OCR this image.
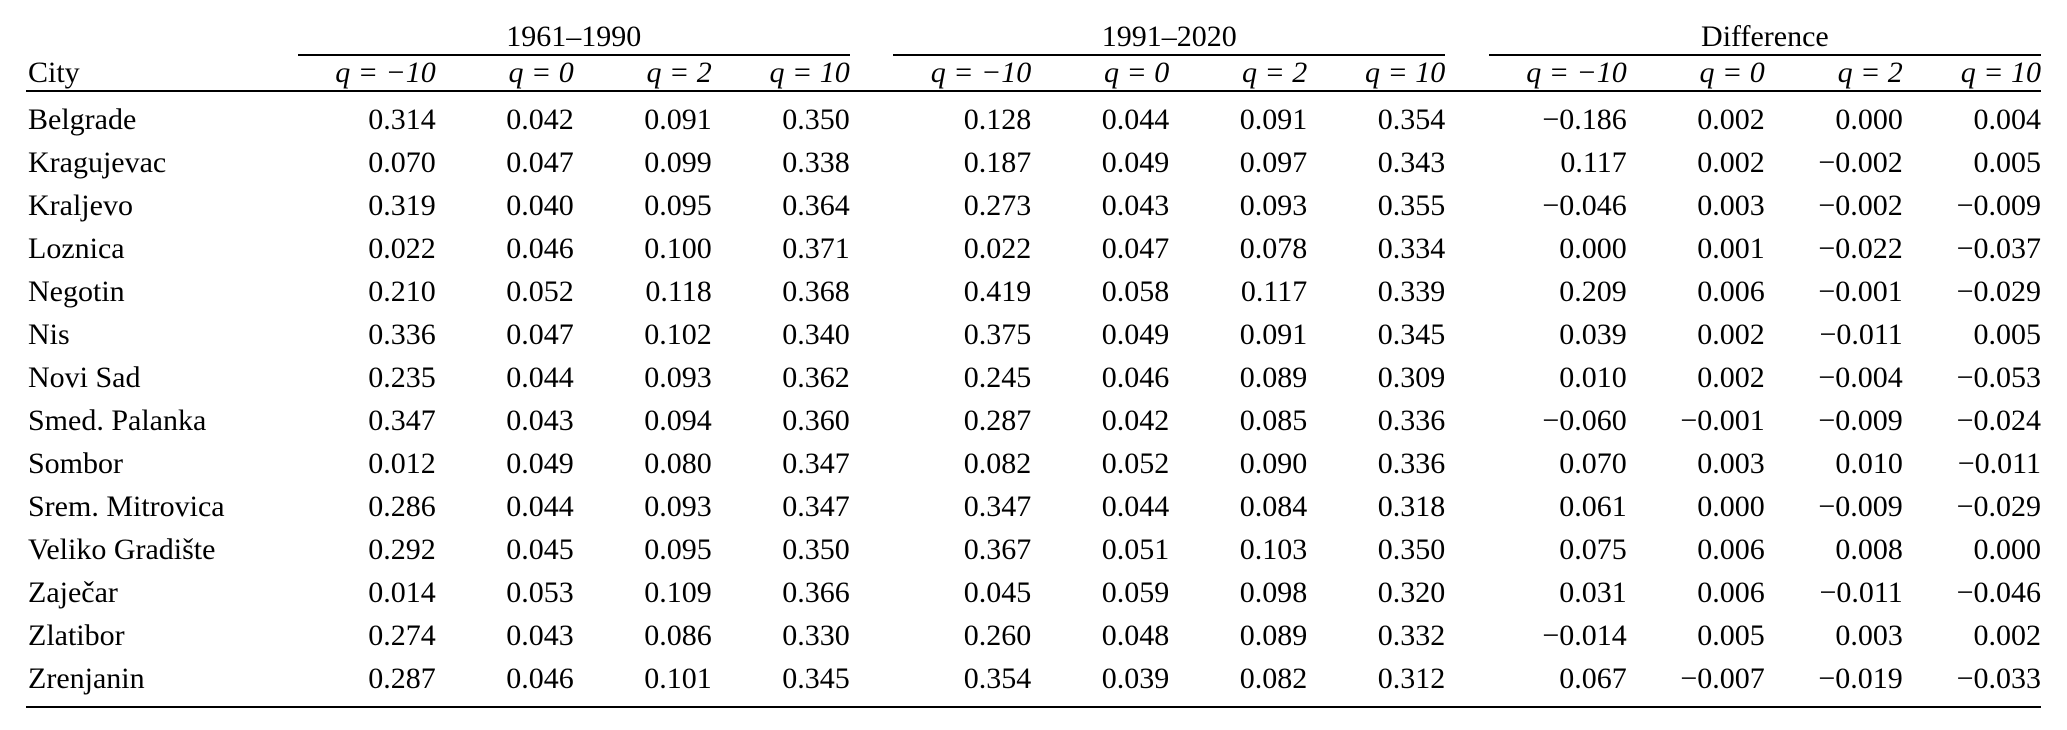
	1961–1990					1991–2020					Difference			

City	q = −10	q = 0	q = 2	q = 10		q = −10	q = 0	q = 2	q = 10		q = −10	q = 0	q = 2	q = 10

Belgrade	0.314	0.042	0.091	0.350		0.128	0.044	0.091	0.354		−0.186	0.002	0.000	0.004
Kragujevac	0.070	0.047	0.099	0.338		0.187	0.049	0.097	0.343		0.117	0.002	−0.002	0.005
Kraljevo	0.319	0.040	0.095	0.364		0.273	0.043	0.093	0.355		−0.046	0.003	−0.002	−0.009
Loznica	0.022	0.046	0.100	0.371		0.022	0.047	0.078	0.334		0.000	0.001	−0.022	−0.037
Negotin	0.210	0.052	0.118	0.368		0.419	0.058	0.117	0.339		0.209	0.006	−0.001	−0.029
Nis	0.336	0.047	0.102	0.340		0.375	0.049	0.091	0.345		0.039	0.002	−0.011	0.005
Novi Sad	0.235	0.044	0.093	0.362		0.245	0.046	0.089	0.309		0.010	0.002	−0.004	−0.053
Smed. Palanka	0.347	0.043	0.094	0.360		0.287	0.042	0.085	0.336		−0.060	−0.001	−0.009	−0.024
Sombor	0.012	0.049	0.080	0.347		0.082	0.052	0.090	0.336		0.070	0.003	0.010	−0.011
Srem. Mitrovica	0.286	0.044	0.093	0.347		0.347	0.044	0.084	0.318		0.061	0.000	−0.009	−0.029
Veliko Gradište	0.292	0.045	0.095	0.350		0.367	0.051	0.103	0.350		0.075	0.006	0.008	0.000
Zaječar	0.014	0.053	0.109	0.366		0.045	0.059	0.098	0.320		0.031	0.006	−0.011	−0.046
Zlatibor	0.274	0.043	0.086	0.330		0.260	0.048	0.089	0.332		−0.014	0.005	0.003	0.002
Zrenjanin	0.287	0.046	0.101	0.345		0.354	0.039	0.082	0.312		0.067	−0.007	−0.019	−0.033
